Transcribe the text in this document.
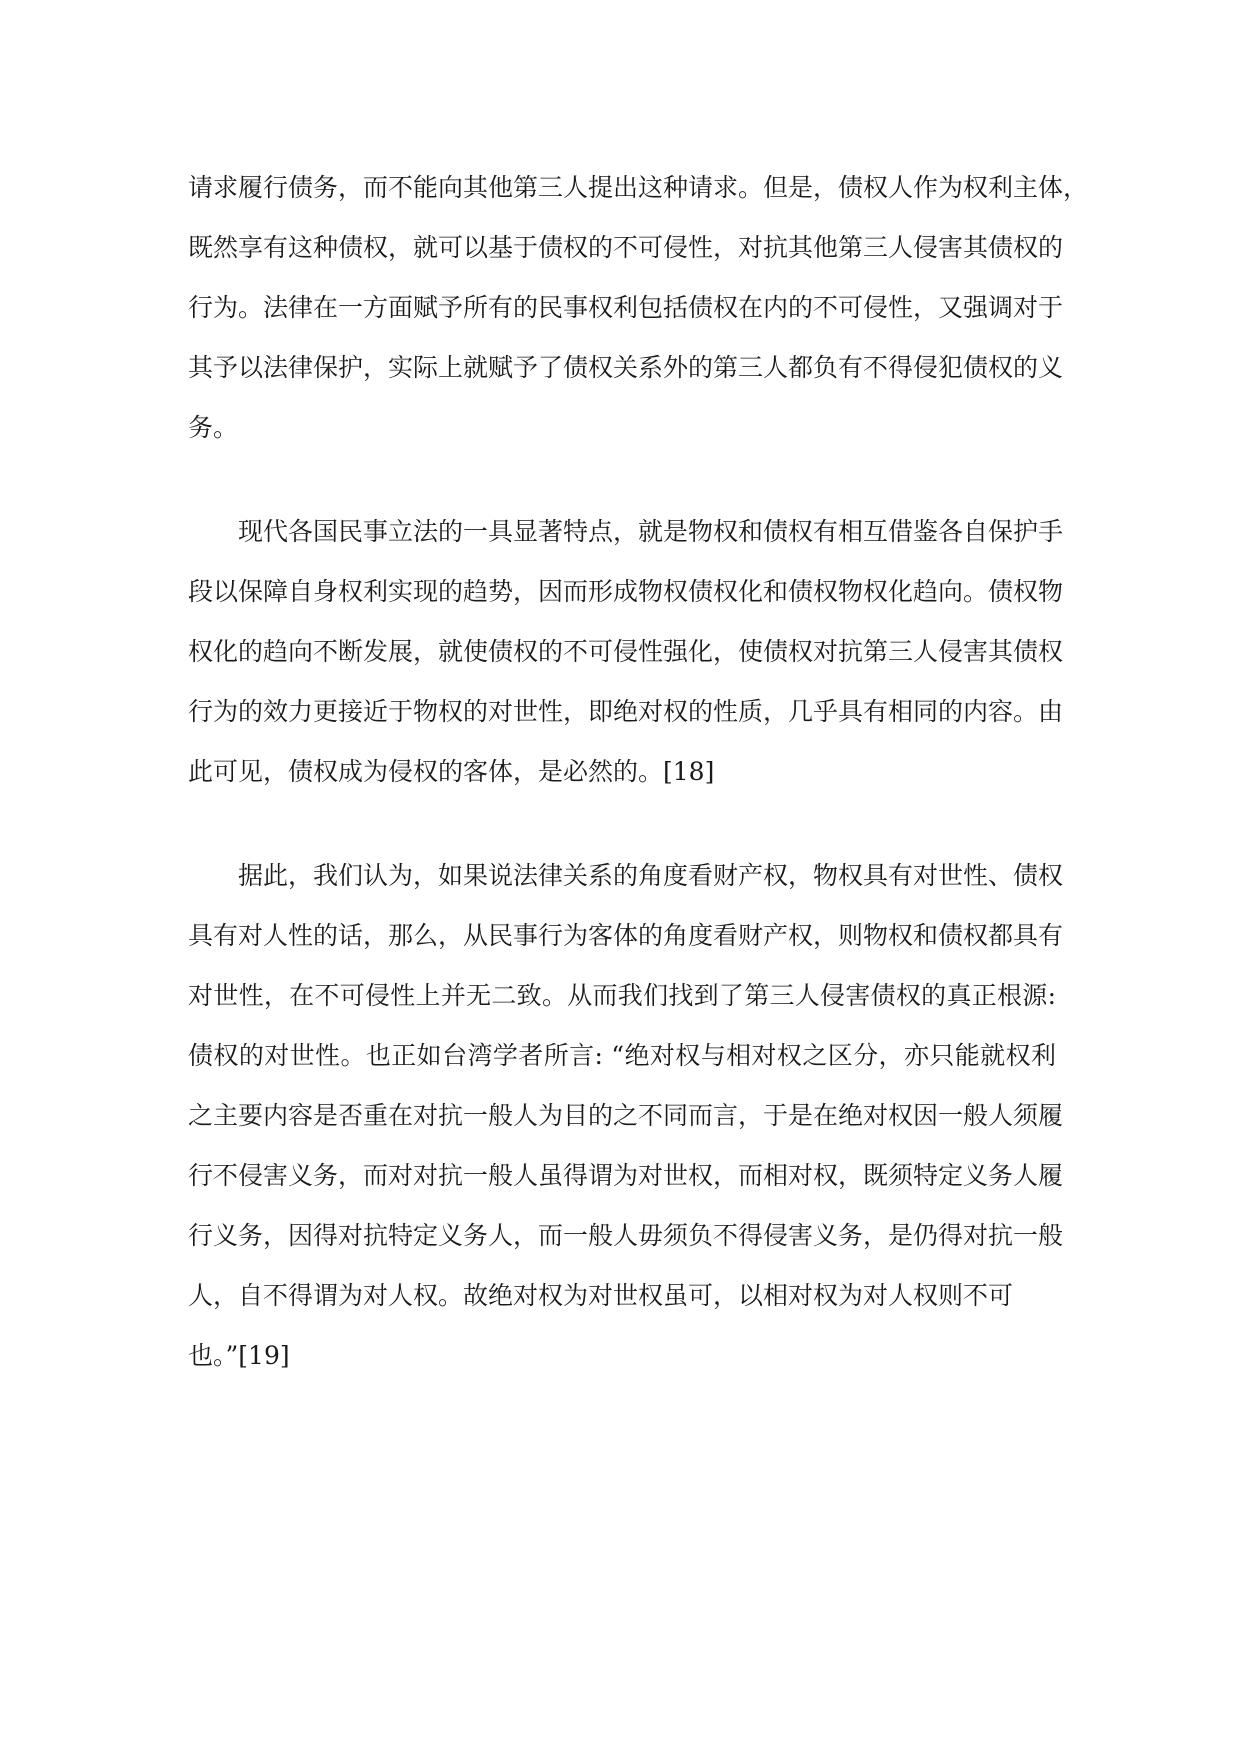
请求履行债务，而不能向其他第三人提出这种请求。但是，债权人作为权利主体，
既然享有这种债权，就可以基于债权的不可侵性，对抗其他第三人侵害其债权的
行为。法律在一方面赋予所有的民事权利包括债权在内的不可侵性，又强调对于
其予以法律保护，实际上就赋予了债权关系外的第三人都负有不得侵犯债权的义
务。
现代各国民事立法的一具显著特点，就是物权和债权有相互借鉴各自保护手
段以保障自身权利实现的趋势，因而形成物权债权化和债权物权化趋向。债权物
权化的趋向不断发展，就使债权的不可侵性强化，使债权对抗第三人侵害其债权
行为的效力更接近于物权的对世性，即绝对权的性质，几乎具有相同的内容。由
此可见，债权成为侵权的客体，是必然的。[18]
据此，我们认为，如果说法律关系的角度看财产权，物权具有对世性、债权
具有对人性的话，那么，从民事行为客体的角度看财产权，则物权和债权都具有
对世性，在不可侵性上并无二致。从而我们找到了第三人侵害债权的真正根源:
债权的对世性。也正如台湾学者所言: “绝对权与相对权之区分，亦只能就权利
之主要内容是否重在对抗一般人为目的之不同而言，于是在绝对权因一般人须履
行不侵害义务，而对对抗一般人虽得谓为对世权，而相对权，既须特定义务人履
行义务，因得对抗特定义务人，而一般人毋须负不得侵害义务，是仍得对抗一般
人，自不得谓为对人权。故绝对权为对世权虽可，以相对权为对人权则不可
也。”[19]
